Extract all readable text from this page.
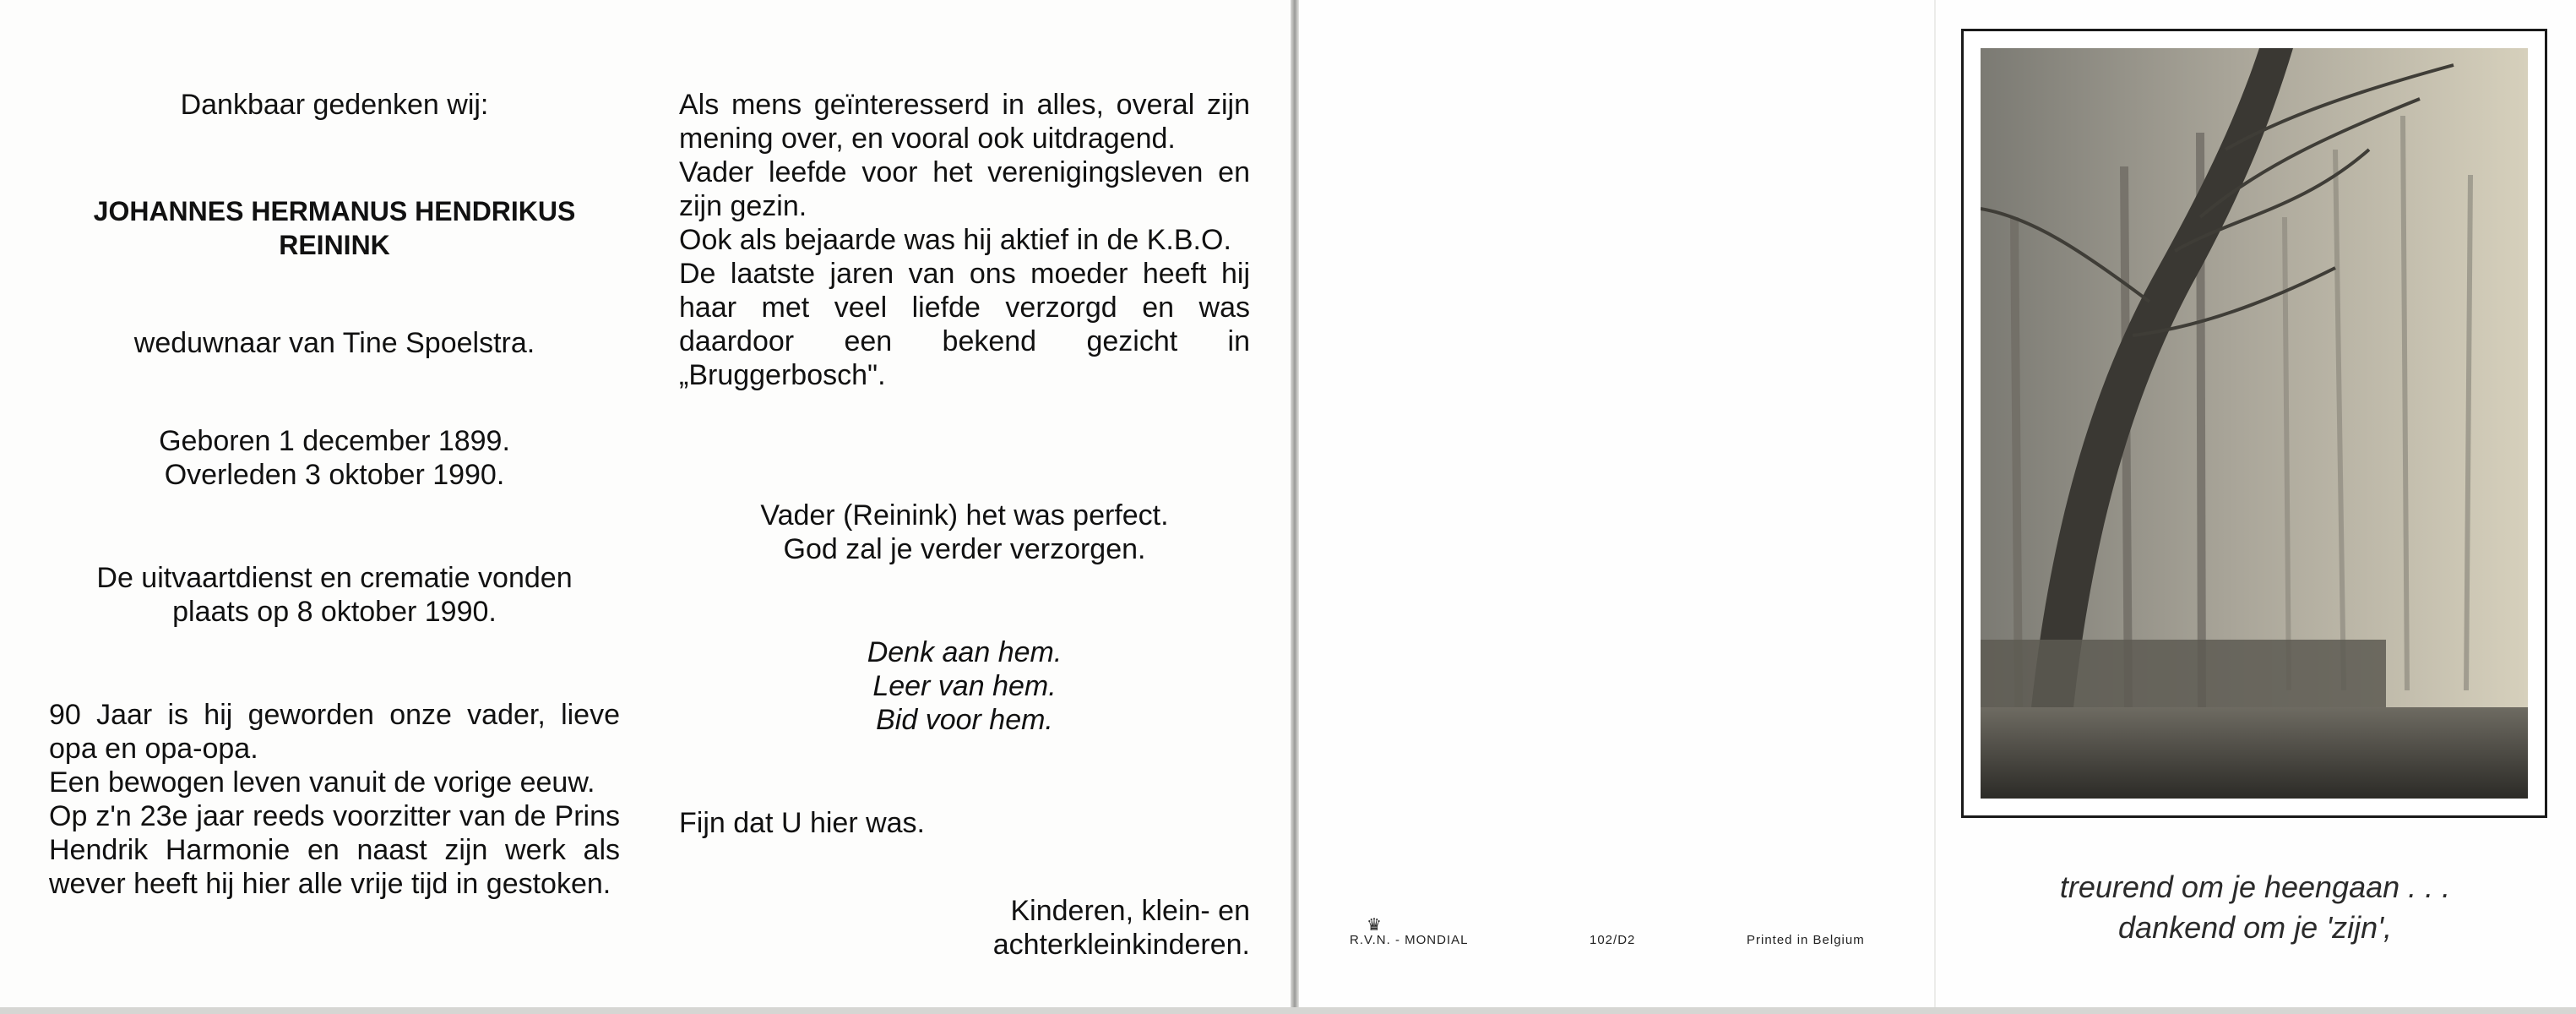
Dankbaar gedenken wij:

JOHANNES HERMANUS HENDRIKUS

REININK

weduwnaar van Tine Spoelstra.

Geboren 1 december 1899.

Overleden 3 oktober 1990.

De uitvaartdienst en crematie vonden

plaats op 8 oktober 1990.

90 Jaar is hij geworden onze vader, lieve opa en opa-opa.

Een bewogen leven vanuit de vorige eeuw.

Op z'n 23e jaar reeds voorzitter van de Prins Hendrik Harmonie en naast zijn werk als wever heeft hij hier alle vrije tijd in gestoken.

Als mens geïnteresserd in alles, overal zijn mening over, en vooral ook uitdragend.

Vader leefde voor het verenigingsleven en zijn gezin.

Ook als bejaarde was hij aktief in de K.B.O.

De laatste jaren van ons moeder heeft hij haar met veel liefde verzorgd en was daardoor een bekend gezicht in „Bruggerbosch".

Vader (Reinink) het was perfect.

God zal je verder verzorgen.

Denk aan hem.

Leer van hem.

Bid voor hem.

Fijn dat U hier was.

Kinderen, klein- en

achterkleinkinderen.

♛
R.V.N. - MONDIAL	102/D2	Printed in Belgium

treurend om je heengaan . . .

dankend om je 'zijn',
